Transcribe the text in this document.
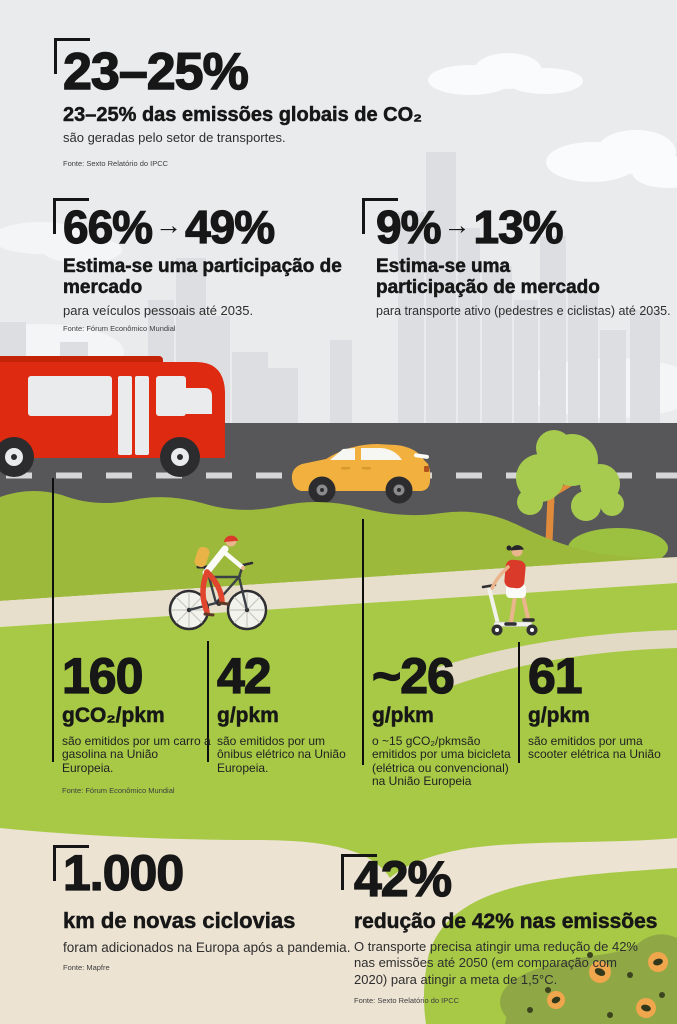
23–25%
23–25% das emissões globais de CO₂
são geradas pelo setor de transportes.
Fonte: Sexto Relatório do IPCC
66% →49%
Estima-se uma participação de mercado
para veículos pessoais até 2035.
Fonte: Fórum Econômico Mundial
9% →13%
Estima-se uma participação de mercado
para transporte ativo (pedestres e ciclistas) até 2035.
160
gCO₂/pkm
são emitidos por um carro a gasolina na União Europeia.
Fonte: Fórum Econômico Mundial
42
g/pkm
são emitidos por um ônibus elétrico na União Europeia.
~26
g/pkm
o ~15 gCO₂/pkmsão emitidos por uma bicicleta (elétrica ou convencional) na União Europeia
61
g/pkm
são emitidos por uma scooter elétrica na União
1.000
km de novas ciclovias
foram adicionados na Europa após a pandemia.
Fonte: Mapfre
42%
redução de 42% nas emissões
O transporte precisa atingir uma redução de 42% nas emissões até 2050 (em comparação com 2020) para atingir a meta de 1,5°C.
Fonte: Sexto Relatório do IPCC
